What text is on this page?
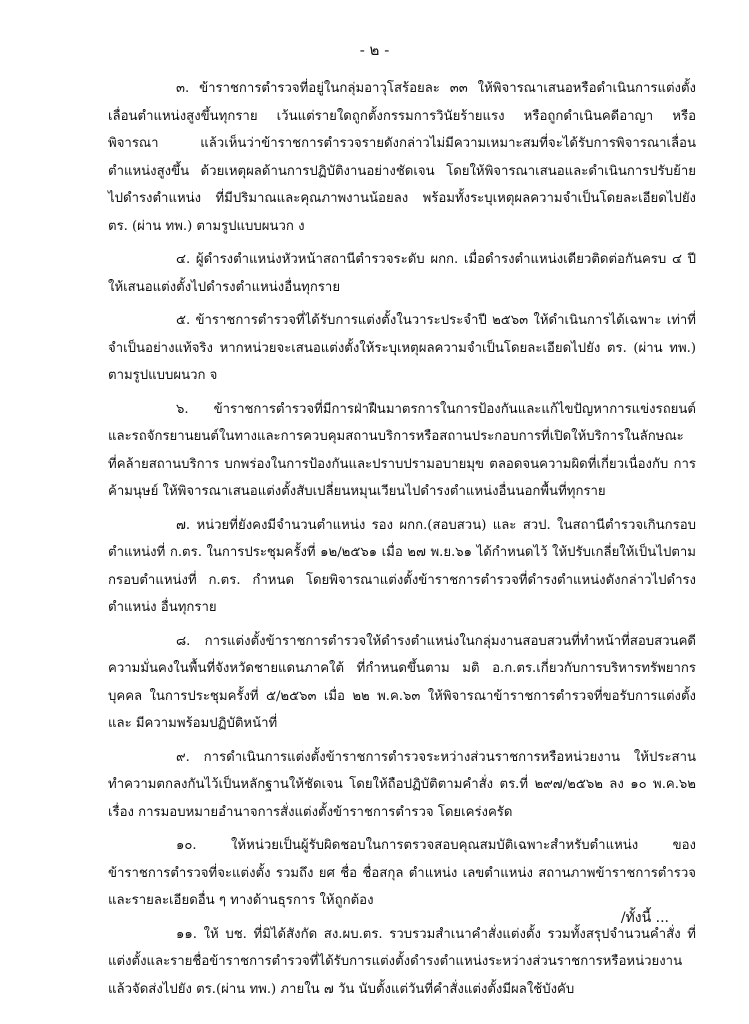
- ๒ -

๓. ข้าราชการตำรวจที่อยู่ในกลุ่มอาวุโสร้อยละ ๓๓ ให้พิจารณาเสนอหรือดำเนินการแต่งตั้ง เลื่อนตำแหน่งสูงขึ้นทุกราย เว้นแต่รายใดถูกตั้งกรรมการวินัยร้ายแรง หรือถูกดำเนินคดีอาญา หรือพิจารณา แล้วเห็นว่าข้าราชการตำรวจรายดังกล่าวไม่มีความเหมาะสมที่จะได้รับการพิจารณาเลื่อนตำแหน่งสูงขึ้น ด้วยเหตุผลด้านการปฏิบัติงานอย่างชัดเจน โดยให้พิจารณาเสนอและดำเนินการปรับย้ายไปดำรงตำแหน่ง ที่มีปริมาณและคุณภาพงานน้อยลง พร้อมทั้งระบุเหตุผลความจำเป็นโดยละเอียดไปยัง ตร. (ผ่าน ทพ.) ตามรูปแบบผนวก ง

๔. ผู้ดำรงตำแหน่งหัวหน้าสถานีตำรวจระดับ ผกก. เมื่อดำรงตำแหน่งเดียวติดต่อกันครบ ๔ ปี ให้เสนอแต่งตั้งไปดำรงตำแหน่งอื่นทุกราย

๕. ข้าราชการตำรวจที่ได้รับการแต่งตั้งในวาระประจำปี ๒๕๖๓ ให้ดำเนินการได้เฉพาะ เท่าที่จำเป็นอย่างแท้จริง หากหน่วยจะเสนอแต่งตั้งให้ระบุเหตุผลความจำเป็นโดยละเอียดไปยัง ตร. (ผ่าน ทพ.) ตามรูปแบบผนวก จ

๖. ข้าราชการตำรวจที่มีการฝ่าฝืนมาตรการในการป้องกันและแก้ไขปัญหาการแข่งรถยนต์ และรถจักรยานยนต์ในทางและการควบคุมสถานบริการหรือสถานประกอบการที่เปิดให้บริการในลักษณะ ที่คล้ายสถานบริการ บกพร่องในการป้องกันและปราบปรามอบายมุข ตลอดจนความผิดที่เกี่ยวเนื่องกับ การค้ามนุษย์ ให้พิจารณาเสนอแต่งตั้งสับเปลี่ยนหมุนเวียนไปดำรงตำแหน่งอื่นนอกพื้นที่ทุกราย

๗. หน่วยที่ยังคงมีจำนวนตำแหน่ง รอง ผกก.(สอบสวน) และ สวป. ในสถานีตำรวจเกินกรอบ ตำแหน่งที่ ก.ตร. ในการประชุมครั้งที่ ๑๒/๒๕๖๑ เมื่อ ๒๗ พ.ย.๖๑ ได้กำหนดไว้ ให้ปรับเกลี่ยให้เป็นไปตาม กรอบตำแหน่งที่ ก.ตร. กำหนด โดยพิจารณาแต่งตั้งข้าราชการตำรวจที่ดำรงตำแหน่งดังกล่าวไปดำรงตำแหน่ง อื่นทุกราย

๘. การแต่งตั้งข้าราชการตำรวจให้ดำรงตำแหน่งในกลุ่มงานสอบสวนที่ทำหน้าที่สอบสวนคดี ความมั่นคงในพื้นที่จังหวัดชายแดนภาคใต้ ที่กำหนดขึ้นตาม มติ อ.ก.ตร.เกี่ยวกับการบริหารทรัพยากรบุคคล ในการประชุมครั้งที่ ๕/๒๕๖๓ เมื่อ ๒๒ พ.ค.๖๓ ให้พิจารณาข้าราชการตำรวจที่ขอรับการแต่งตั้งและ มีความพร้อมปฏิบัติหน้าที่

๙. การดำเนินการแต่งตั้งข้าราชการตำรวจระหว่างส่วนราชการหรือหน่วยงาน ให้ประสาน ทำความตกลงกันไว้เป็นหลักฐานให้ชัดเจน โดยให้ถือปฏิบัติตามคำสั่ง ตร.ที่ ๒๙๗/๒๕๖๒ ลง ๑๐ พ.ค.๖๒ เรื่อง การมอบหมายอำนาจการสั่งแต่งตั้งข้าราชการตำรวจ โดยเคร่งครัด

๑๐. ให้หน่วยเป็นผู้รับผิดชอบในการตรวจสอบคุณสมบัติเฉพาะสำหรับตำแหน่ง ของข้าราชการตำรวจที่จะแต่งตั้ง รวมถึง ยศ ชื่อ ชื่อสกุล ตำแหน่ง เลขตำแหน่ง สถานภาพข้าราชการตำรวจ และรายละเอียดอื่น ๆ ทางด้านธุรการ ให้ถูกต้อง

๑๑. ให้ บช. ที่มิได้สังกัด สง.ผบ.ตร. รวบรวมสำเนาคำสั่งแต่งตั้ง รวมทั้งสรุปจำนวนคำสั่ง ที่แต่งตั้งและรายชื่อข้าราชการตำรวจที่ได้รับการแต่งตั้งดำรงตำแหน่งระหว่างส่วนราชการหรือหน่วยงาน แล้วจัดส่งไปยัง ตร.(ผ่าน ทพ.) ภายใน ๗ วัน นับตั้งแต่วันที่คำสั่งแต่งตั้งมีผลใช้บังคับ

/ทั้งนี้ ...
